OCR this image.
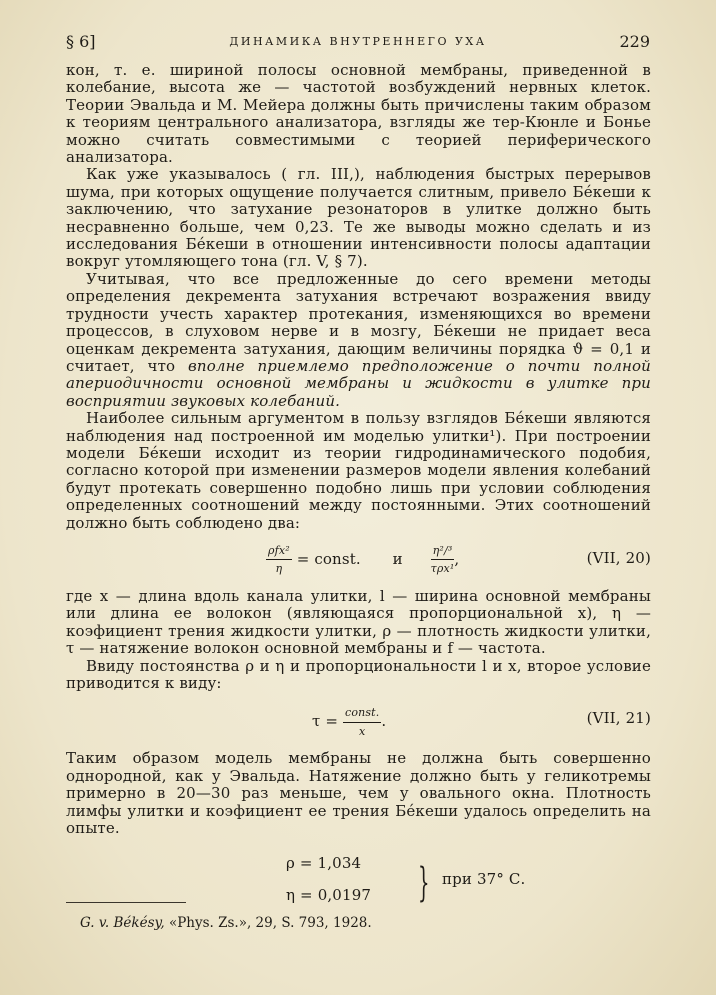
§ 6]	ДИНАМИКА ВНУТРЕННЕГО УХА	229

кон, т. е. шириной полосы основной мембраны, приведенной в колебание, высота же — частотой возбуждений нервных клеток. Теории Эвальда и М. Мейера должны быть причислены таким образом к теориям центрального анализатора, взгляды же тер-Кюнле и Боньe можно считать совместимыми с теорией периферического анализатора.

Как уже указывалось ( гл. III,), наблюдения быстрых перерывов шума, при которых ощущение получается слитным, привело Бéкеши к заключению, что затухание резонаторов в улитке должно быть несравненно больше, чем 0,23. Те же выводы можно сделать и из исследования Бéкеши в отношении интенсивности полосы адаптации вокруг утомляющего тона (гл. V, § 7).

Учитывая, что все предложенные до сего времени методы определения декремента затухания встречают возражения ввиду трудности учесть характер протекания, изменяющихся во времени процессов, в слуховом нерве и в мозгу, Бéкеши не придает веса оценкам декремента затухания, дающим величины порядка ϑ = 0,1 и считает, что вполне приемлемо предположение о почти полной апериодичности основной мембраны и жидкости в улитке при восприятии звуковых колебаний.

Наиболее сильным аргументом в пользу взглядов Бéкеши являются наблюдения над построенной им моделью улитки¹). При построении модели Бéкеши исходит из теории гидродинамического подобия, согласно которой при изменении размеров модели явления колебаний будут протекать совершенно подобно лишь при условии соблюдения определенных соотношений между постоянными. Этих соотношений должно быть соблюдено два:

$\frac{\text{ρfx²}}{\eta}$ = const. и	$\frac{\text{η²/³}}{\text{τρx¹}}$ ,	(VII, 20)

где x — длина вдоль канала улитки, l — ширина основной мембраны или длина ее волокон (являющаяся пропорциональной x), η — коэфициент трения жидкости улитки, ρ — плотность жидкости улитки, τ — натяжение волокон основной мембраны и f — частота.

Ввиду постоянства ρ и η и пропорциональности l и x, второе условие приводится к виду:

$\tau = \frac{\text{const.}}{x}$ .	(VII, 21)

Таким образом модель мембраны не должна быть совершенно однородной, как у Эвальда. Натяжение должно быть у геликотремы примерно в 20—30 раз меньше, чем у овального окна. Плотность лимфы улитки и коэфициент ее трения Бéкеши удалось определить на опыте.

ρ = 1,034
η = 0,0197 } при 37° С.
G. v. Békésy, «Phys. Zs.», 29, S. 793, 1928.
